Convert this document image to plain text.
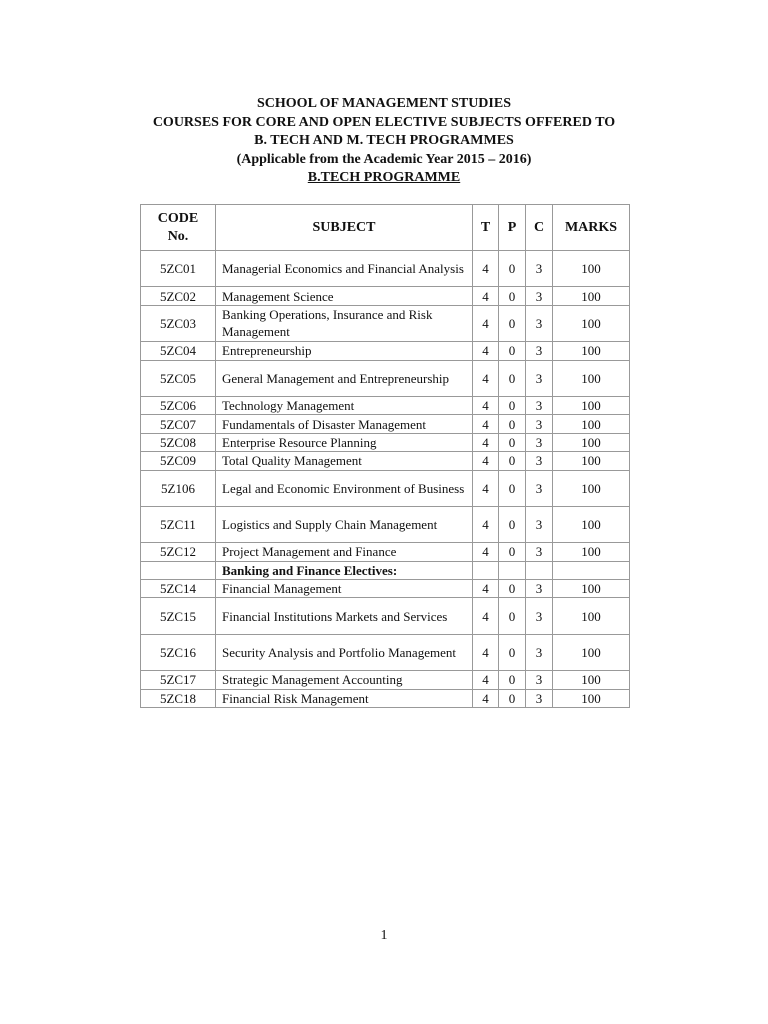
SCHOOL OF MANAGEMENT STUDIES
COURSES FOR CORE AND OPEN ELECTIVE SUBJECTS OFFERED TO
B. TECH AND M. TECH PROGRAMMES
(Applicable from the Academic Year 2015 – 2016)
B.TECH PROGRAMME
CODE No.	SUBJECT	T	P	C	MARKS
5ZC01	Managerial Economics and Financial Analysis	4	0	3	100
5ZC02	Management Science	4	0	3	100
5ZC03	Banking Operations, Insurance and Risk Management	4	0	3	100
5ZC04	Entrepreneurship	4	0	3	100
5ZC05	General Management and Entrepreneurship	4	0	3	100
5ZC06	Technology Management	4	0	3	100
5ZC07	Fundamentals of Disaster Management	4	0	3	100
5ZC08	Enterprise Resource Planning	4	0	3	100
5ZC09	Total Quality Management	4	0	3	100
5Z106	Legal and Economic Environment of Business	4	0	3	100
5ZC11	Logistics and Supply Chain Management	4	0	3	100
5ZC12	Project Management and Finance	4	0	3	100
	Banking and Finance Electives:				
5ZC14	Financial Management	4	0	3	100
5ZC15	Financial Institutions Markets and Services	4	0	3	100
5ZC16	Security Analysis and Portfolio Management	4	0	3	100
5ZC17	Strategic Management Accounting	4	0	3	100
5ZC18	Financial Risk Management	4	0	3	100
1
